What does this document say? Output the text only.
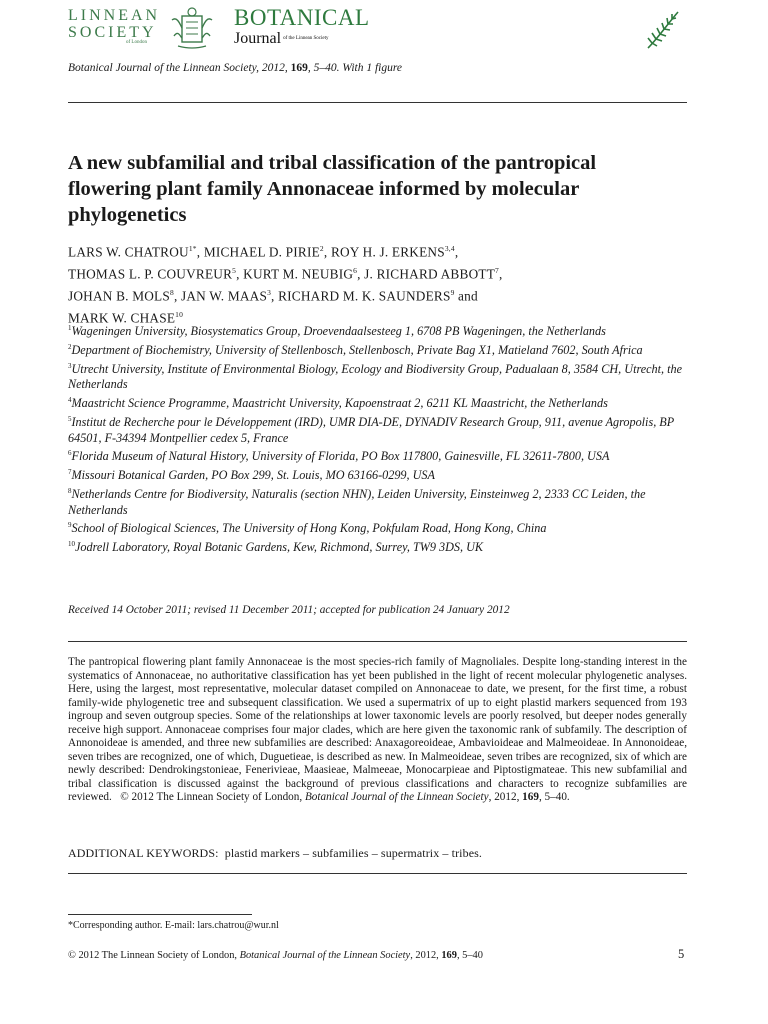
LINNEAN
SOCIETY
of London
BOTANICAL
Journal of the Linnean Society
Botanical Journal of the Linnean Society, 2012, 169, 5–40. With 1 figure
A new subfamilial and tribal classification of the pantropical flowering plant family Annonaceae informed by molecular phylogenetics
LARS W. $CHATROU^{1*}$, MICHAEL D. PIRIE$^2$, ROY H. J. ERKENS$^{3,4}$,
THOMAS L. P. COUVREUR$^5$, KURT M. NEUBIG$^6$, J. RICHARD ABBOTT$^7$,
JOHAN B. MOLS$^8$, JAN W. MAAS$^3$, RICHARD M. K. SAUNDERS$^9$ and
MARK W. CHASE$^{10}$
$^1$Wageningen University, Biosystematics Group, Droevendaalsesteeg 1, 6708 PB Wageningen, the Netherlands
$^2$Department of Biochemistry, University of Stellenbosch, Stellenbosch, Private Bag X1, Matieland 7602, South Africa
$^3$Utrecht University, Institute of Environmental Biology, Ecology and Biodiversity Group, Padualaan 8, 3584 CH, Utrecht, the Netherlands
$^4$Maastricht Science Programme, Maastricht University, Kapoenstraat 2, 6211 KL Maastricht, the Netherlands
$^5$Institut de Recherche pour le Développement (IRD), UMR DIA-DE, DYNADIV Research Group, 911, avenue Agropolis, BP 64501, F-34394 Montpellier cedex 5, France
$^6$Florida Museum of Natural History, University of Florida, PO Box 117800, Gainesville, FL 32611-7800, USA
$^7$Missouri Botanical Garden, PO Box 299, St. Louis, MO 63166-0299, USA
$^8$Netherlands Centre for Biodiversity, Naturalis (section NHN), Leiden University, Einsteinweg 2, 2333 CC Leiden, the Netherlands
$^9$School of Biological Sciences, The University of Hong Kong, Pokfulam Road, Hong Kong, China
$^{10}$Jodrell Laboratory, Royal Botanic Gardens, Kew, Richmond, Surrey, TW9 3DS, UK
Received 14 October 2011; revised 11 December 2011; accepted for publication 24 January 2012
The pantropical flowering plant family Annonaceae is the most species-rich family of Magnoliales. Despite long-standing interest in the systematics of Annonaceae, no authoritative classification has yet been published in the light of recent molecular phylogenetic analyses. Here, using the largest, most representative, molecular dataset compiled on Annonaceae to date, we present, for the first time, a robust family-wide phylogenetic tree and subsequent classification. We used a supermatrix of up to eight plastid markers sequenced from 193 ingroup and seven outgroup species. Some of the relationships at lower taxonomic levels are poorly resolved, but deeper nodes generally receive high support. Annonaceae comprises four major clades, which are here given the taxonomic rank of subfamily. The description of Annonoideae is amended, and three new subfamilies are described: Anaxagoreoideae, Ambavioideae and Malmeoideae. In Annonoideae, seven tribes are recognized, one of which, Duguetieae, is described as new. In Malmeoideae, seven tribes are recognized, six of which are newly described: Dendrokingstonieae, Fenerivieae, Maasieae, Malmeeae, Monocarpieae and Piptostigmateae. This new subfamilial and tribal classification is discussed against the background of previous classifications and characters to recognize subfamilies are reviewed. © 2012 The Linnean Society of London, Botanical Journal of the Linnean Society, 2012, 169, 5–40.
ADDITIONAL KEYWORDS: plastid markers – subfamilies – supermatrix – tribes.
*Corresponding author. E-mail: lars.chatrou@wur.nl
© 2012 The Linnean Society of London, Botanical Journal of the Linnean Society, 2012, 169, 5–40	5
